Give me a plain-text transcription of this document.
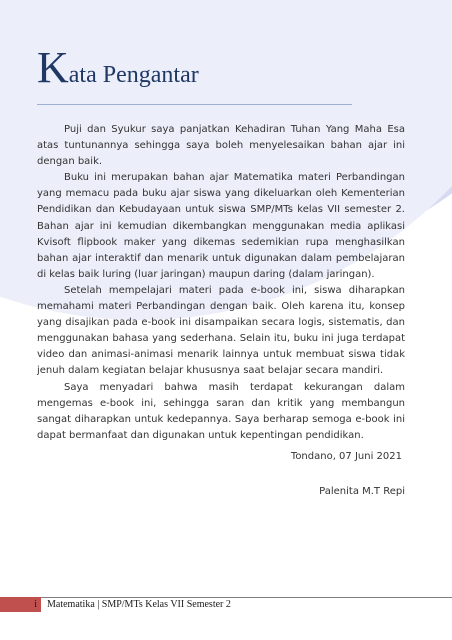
Kata Pengantar

Puji dan Syukur saya panjatkan Kehadiran Tuhan Yang Maha Esa atas tuntunannya sehingga saya boleh menyelesaikan bahan ajar ini dengan baik.

Buku ini merupakan bahan ajar Matematika materi Perbandingan yang memacu pada buku ajar siswa yang dikeluarkan oleh Kementerian Pendidikan dan Kebudayaan untuk siswa SMP/MTs kelas VII semester 2. Bahan ajar ini kemudian dikembangkan menggunakan media aplikasi Kvisoft flipbook maker yang dikemas sedemikian rupa menghasilkan bahan ajar interaktif dan menarik untuk digunakan dalam pembelajaran di kelas baik luring (luar jaringan) maupun daring (dalam jaringan).

Setelah mempelajari materi pada e-book ini, siswa diharapkan memahami materi Perbandingan dengan baik. Oleh karena itu, konsep yang disajikan pada e-book ini disampaikan secara logis, sistematis, dan menggunakan bahasa yang sederhana. Selain itu, buku ini juga terdapat video dan animasi-animasi menarik lainnya untuk membuat siswa tidak jenuh dalam kegiatan belajar khususnya saat belajar secara mandiri.

Saya menyadari bahwa masih terdapat kekurangan dalam mengemas e-book ini, sehingga saran dan kritik yang membangun sangat diharapkan untuk kedepannya. Saya berharap semoga e-book ini dapat bermanfaat dan digunakan untuk kepentingan pendidikan.

Tondano, 07 Juni 2021
Palenita M.T Repi
i	Matematika | SMP/MTs Kelas VII Semester 2
